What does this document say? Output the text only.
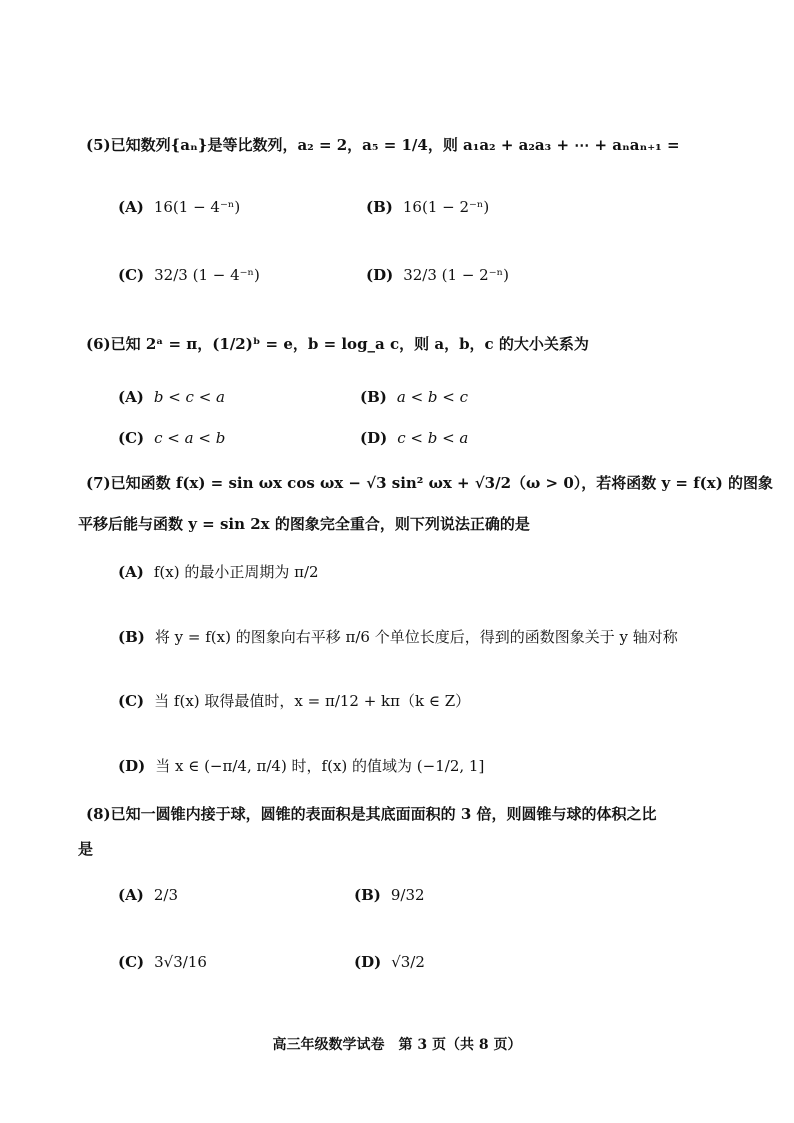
(5)已知数列{aₙ}是等比数列，a₂ = 2，a₅ = 1/4，则 a₁a₂ + a₂a₃ + ⋯ + aₙaₙ₊₁ =
(A) 16(1 − 4⁻ⁿ)	(B) 16(1 − 2⁻ⁿ)
(C) 32/3 (1 − 4⁻ⁿ)	(D) 32/3 (1 − 2⁻ⁿ)
(6)已知 2ᵃ = π，(1/2)ᵇ = e，b = log_a c，则 a，b，c 的大小关系为
(A) b < c < a	(B) a < b < c
(C) c < a < b	(D) c < b < a
(7)已知函数 f(x) = sin ωx cos ωx − √3 sin² ωx + √3/2（ω > 0），若将函数 y = f(x) 的图象
平移后能与函数 y = sin 2x 的图象完全重合，则下列说法正确的是
(A) f(x) 的最小正周期为 π/2
(B) 将 y = f(x) 的图象向右平移 π/6 个单位长度后，得到的函数图象关于 y 轴对称
(C) 当 f(x) 取得最值时，x = π/12 + kπ（k ∈ Z）
(D) 当 x ∈ (−π/4, π/4) 时，f(x) 的值域为 (−1/2, 1]
(8)已知一圆锥内接于球，圆锥的表面积是其底面面积的 3 倍，则圆锥与球的体积之比
是
(A) 2/3	(B) 9/32
(C) 3√3/16	(D) √3/2
高三年级数学试卷　第 3 页（共 8 页）
